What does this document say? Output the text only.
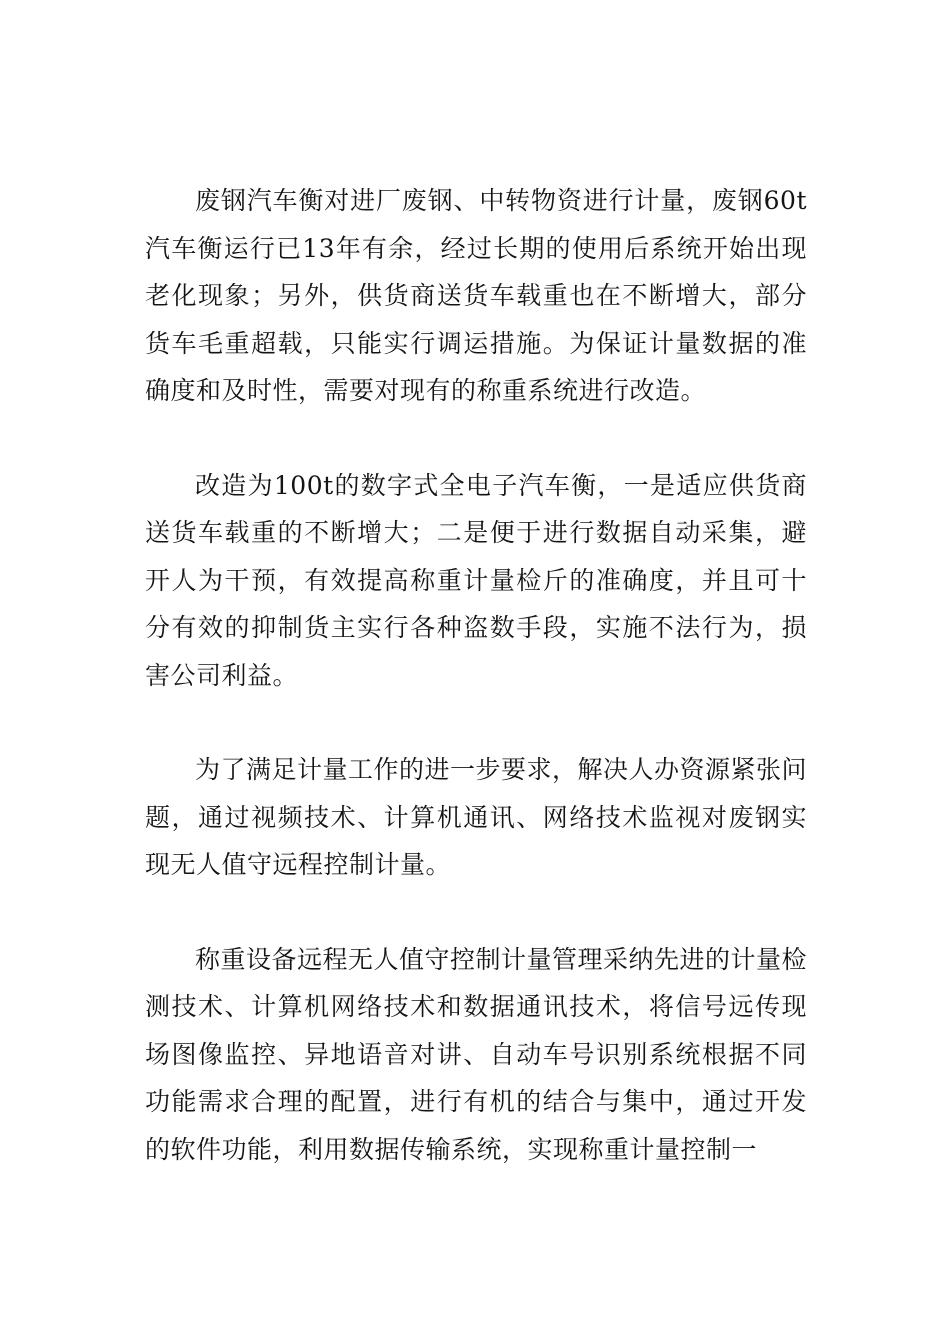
废钢汽车衡对进厂废钢、中转物资进行计量，废钢60t汽车衡运行已13年有余，经过长期的使用后系统开始出现老化现象；另外，供货商送货车载重也在不断增大，部分货车毛重超载，只能实行调运措施。为保证计量数据的准确度和及时性，需要对现有的称重系统进行改造。

改造为100t的数字式全电子汽车衡，一是适应供货商送货车载重的不断增大；二是便于进行数据自动采集，避开人为干预，有效提高称重计量检斤的准确度，并且可十分有效的抑制货主实行各种盗数手段，实施不法行为，损害公司利益。

为了满足计量工作的进一步要求，解决人办资源紧张问题，通过视频技术、计算机通讯、网络技术监视对废钢实现无人值守远程控制计量。

称重设备远程无人值守控制计量管理采纳先进的计量检测技术、计算机网络技术和数据通讯技术，将信号远传现场图像监控、异地语音对讲、自动车号识别系统根据不同功能需求合理的配置，进行有机的结合与集中，通过开发的软件功能，利用数据传输系统，实现称重计量控制一
